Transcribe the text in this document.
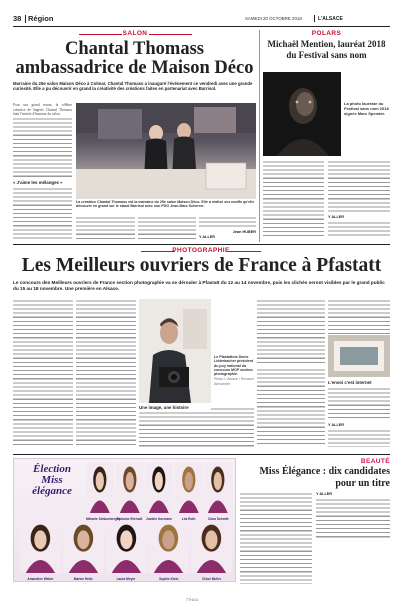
38 Région	SAMEDI 20 OCTOBRE 2018	L'ALSACE
SALON
Chantal Thomass
ambassadrice de Maison Déco
Marraine du 25e salon Maison Déco à Colmar, Chantal Thomass a inauguré l'événement ce vendredi avec une grande curiosité. Elle a pu découvrir en grand la créativité des créations faites en partenariat avec Barrisol.
Pour son grand retour, la célèbre créatrice de lingerie Chantal Thomass était l'invitée d'honneur du salon.
« J'aime les mélanges »
La créatrice Chantal Thomass est la marraine du 25e salon Maison Déco. Elle a réalisé ses motifs qu'elle découvre en grand sur le stand Barrisol avec son PDG Jean-Marc Scherrer.
Jean HUBER
Y ALLER
POLARS
Michaël Mention, lauréat 2018 du Festival sans nom
La photo lauréate du Festival sans nom 2018 signée Marc Spender.
Y ALLER
PHOTOGRAPHIE
Les Meilleurs ouvriers de France à Pfastatt
Le concours des Meilleurs ouvriers de France section photographie va se dérouler à Pfastatt du 12 au 14 novembre, puis les clichés seront visibles par le grand public du 15 au 18 novembre. Une première en Alsace.
Le Pfastattois Denis Lutterbacher président du jury national du concours MOF section photographie.
Photo L'Alsace / Renaud Alexandre
Une image, une histoire
L'envoi c'est internet
Y ALLER
Élection
Miss
élégance
Mélanie Schlumberger
Tiphaine Ehrhold Justine Kormann	Léa Roth	Clara Schmitt
Amandine Weber	Marine Heitz	Laura Meyer	Sophie Klein	Chloé Muller
BEAUTÉ
Miss Élégance : dix candidates pour un titre
Y ALLER
TTHL01
